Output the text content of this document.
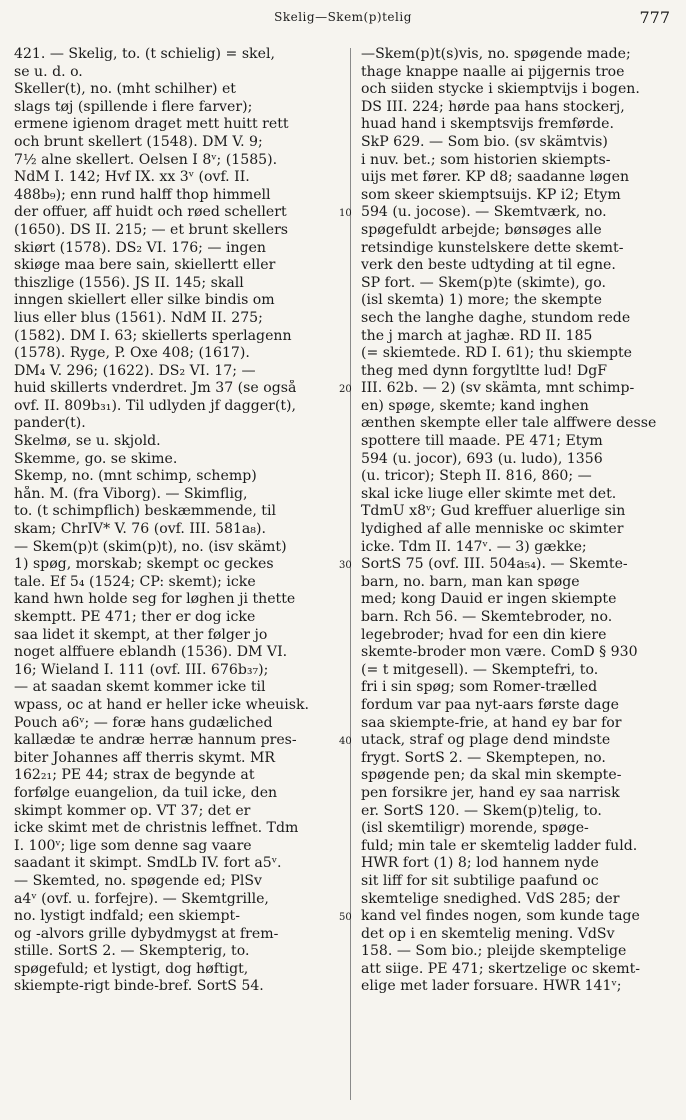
Skelig—Skem(p)telig	777
421. — Skelig, to. (t schielig) = skel,
se u. d. o.
Skeller(t), no. (mht schilher) et
slags tøj (spillende i flere farver);
ermene igienom draget mett huitt rett
och brunt skellert (1548). DM V. 9;
7½ alne skellert. Oelsen I 8ᵛ; (1585).
NdM I. 142; Hvf IX. xx 3ᵛ (ovf. II.
488b₉); enn rund halff thop himmell
der offuer, aff huidt och røed schellert
(1650). DS II. 215; — et brunt skellers
skiørt (1578). DS₂ VI. 176; — ingen
skiøge maa bere sain, skiellertt eller
thiszlige (1556). JS II. 145; skall
inngen skiellert eller silke bindis om
lius eller blus (1561). NdM II. 275;
(1582). DM I. 63; skiellerts sperlagenn
(1578). Ryge, P. Oxe 408; (1617).
DM₄ V. 296; (1622). DS₂ VI. 17; —
huid skillerts vnderdret. Jm 37 (se også
ovf. II. 809b₃₁). Til udlyden jf dagger(t),
pander(t).
Skelmø, se u. skjold.
Skemme, go. se skime.
Skemp, no. (mnt schimp, schemp)
hån. M. (fra Viborg). — Skimflig,
to. (t schimpflich) beskæmmende, til
skam; ChrIV* V. 76 (ovf. III. 581a₈).
— Skem(p)t (skim(p)t), no. (isv skämt)
1) spøg, morskab; skempt oc geckes
tale. Ef 5₄ (1524; CP: skemt); icke
kand hwn holde seg for løghen ji thette
skemptt. PE 471; ther er dog icke
saa lidet it skempt, at ther følger jo
noget alffuere eblandh (1536). DM VI.
16; Wieland I. 111 (ovf. III. 676b₃₇);
— at saadan skemt kommer icke til
wpass, oc at hand er heller icke wheuisk.
Pouch a6ᵛ; — foræ hans gudæliched
kallædæ te andræ herræ hannum pres-
biter Johannes aff therris skymt. MR
162₂₁; PE 44; strax de begynde at
forfølge euangelion, da tuil icke, den
skimpt kommer op. VT 37; det er
icke skimt met de christnis leffnet. Tdm
I. 100ᵛ; lige som denne sag vaare
saadant it skimpt. SmdLb IV. fort a5ᵛ.
— Skemted, no. spøgende ed; PlSv
a4ᵛ (ovf. u. forfejre). — Skemtgrille,
no. lystigt indfald; een skiempt-
og -alvors grille dybydmygst at frem-
stille. SortS 2. — Skempterig, to.
spøgefuld; et lystigt, dog høftigt,
skiempte-rigt binde-bref. SortS 54.
—Skem(p)t(s)vis, no. spøgende made;
thage knappe naalle ai pijgernis troe
och siiden stycke i skiemptvijs i bogen.
DS III. 224; hørde paa hans stockerj,
huad hand i skemptsvijs fremførde.
SkP 629. — Som bio. (sv skämtvis)
i nuv. bet.; som historien skiempts-
uijs met fører. KP d8; saadanne løgen
som skeer skiemptsuijs. KP i2; Etym
594 (u. jocose). — Skemtværk, no.
spøgefuldt arbejde; bønsøges alle
retsindige kunstelskere dette skemt-
verk den beste udtyding at til egne.
SP fort. — Skem(p)te (skimte), go.
(isl skemta) 1) more; the skempte
sech the langhe daghe, stundom rede
the j march at jaghæ. RD II. 185
(= skiemtede. RD I. 61); thu skiempte
theg med dynn forgytltte lud! DgF
III. 62b. — 2) (sv skämta, mnt schimp-
en) spøge, skemte; kand inghen
ænthen skempte eller tale alffwere desse
spottere till maade. PE 471; Etym
594 (u. jocor), 693 (u. ludo), 1356
(u. tricor); Steph II. 816, 860; —
skal icke liuge eller skimte met det.
TdmU x8ᵛ; Gud kreffuer aluerlige sin
lydighed af alle menniske oc skimter
icke. Tdm II. 147ᵛ. — 3) gække;
SortS 75 (ovf. III. 504a₅₄). — Skemte-
barn, no. barn, man kan spøge
med; kong Dauid er ingen skiempte
barn. Rch 56. — Skemtebroder, no.
legebroder; hvad for een din kiere
skemte-broder mon være. ComD § 930
(= t mitgesell). — Skemptefri, to.
fri i sin spøg; som Romer-trælled
fordum var paa nyt-aars første dage
saa skiempte-frie, at hand ey bar for
utack, straf og plage dend mindste
frygt. SortS 2. — Skemptepen, no.
spøgende pen; da skal min skempte-
pen forsikre jer, hand ey saa narrisk
er. SortS 120. — Skem(p)telig, to.
(isl skemtiligr) morende, spøge-
fuld; min tale er skemtelig ladder fuld.
HWR fort (1) 8; lod hannem nyde
sit liff for sit subtilige paafund oc
skemtelige snedighed. VdS 285; der
kand vel findes nogen, som kunde tage
det op i en skemtelig mening. VdSv
158. — Som bio.; pleijde skemptelige
att siige. PE 471; skertzelige oc skemt-
elige met lader forsuare. HWR 141ᵛ;
10
20
30
40
50
